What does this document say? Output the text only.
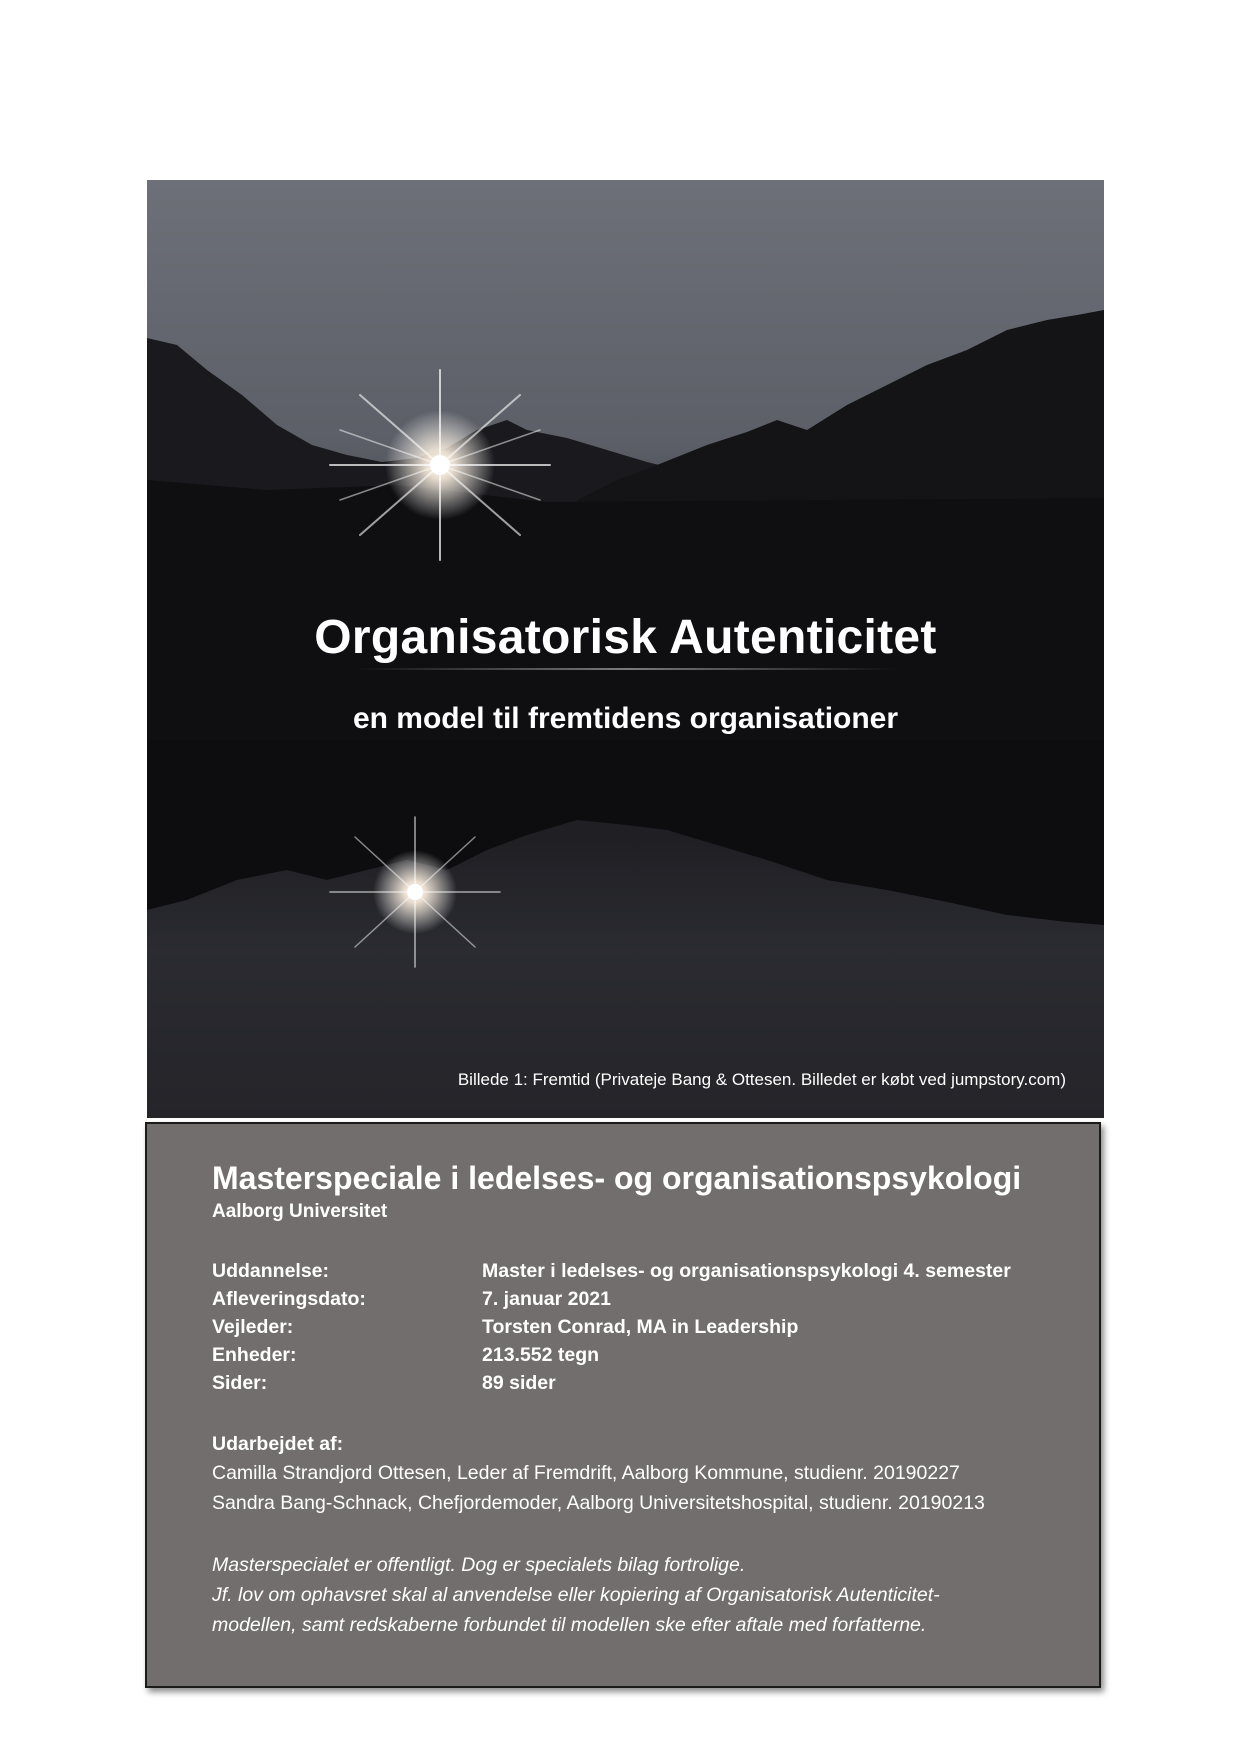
Organisatorisk Autenticitet
en model til fremtidens organisationer
Billede 1: Fremtid (Privateje Bang & Ottesen. Billedet er købt ved jumpstory.com)
Masterspeciale i ledelses- og organisationspsykologi
Aalborg Universitet
Uddannelse:	Master i ledelses- og organisationspsykologi 4. semester
Afleveringsdato:	7. januar 2021
Vejleder:	Torsten Conrad, MA in Leadership
Enheder:	213.552 tegn
Sider:	89 sider
Udarbejdet af:
Camilla Strandjord Ottesen, Leder af Fremdrift, Aalborg Kommune, studienr. 20190227
Sandra Bang-Schnack, Chefjordemoder, Aalborg Universitetshospital, studienr. 20190213
Masterspecialet er offentligt. Dog er specialets bilag fortrolige.
Jf. lov om ophavsret skal al anvendelse eller kopiering af Organisatorisk Autenticitet-
modellen, samt redskaberne forbundet til modellen ske efter aftale med forfatterne.
